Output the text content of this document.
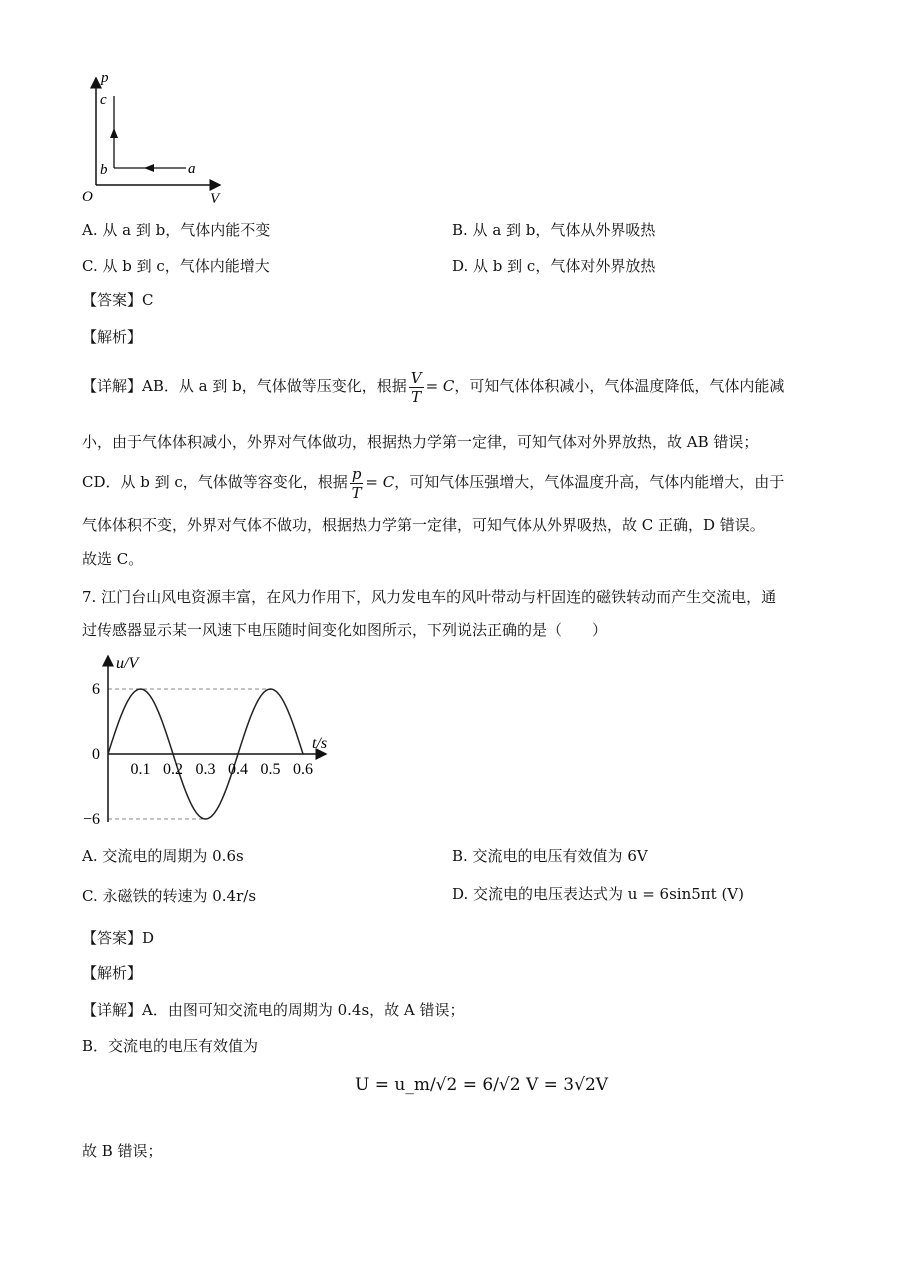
p
V
O
c
b	a
A. 从 a 到 b，气体内能不变	B. 从 a 到 b，气体从外界吸热
C. 从 b 到 c，气体内能增大	D. 从 b 到 c，气体对外界放热
【答案】C
【解析】
【详解】AB．从 a 到 b，气体做等压变化，根据 $\frac{V}{T} = C$，可知气体体积减小，气体温度降低，气体内能减
小，由于气体体积减小，外界对气体做功，根据热力学第一定律，可知气体对外界放热，故 AB 错误；
CD．从 b 到 c，气体做等容变化，根据 $\frac{p}{T} = C$，可知气体压强增大，气体温度升高，气体内能增大，由于
气体体积不变，外界对气体不做功，根据热力学第一定律，可知气体从外界吸热，故 C 正确，D 错误。
故选 C。
7. 江门台山风电资源丰富，在风力作用下，风力发电车的风叶带动与杆固连的磁铁转动而产生交流电，通
过传感器显示某一风速下电压随时间变化如图所示，下列说法正确的是（　　）
u/V
t/s
0.1 0.2 0.3 0.4 0.5 0.6
6
0
−6
A. 交流电的周期为 0.6s	B. 交流电的电压有效值为 6V
C. 永磁铁的转速为 0.4r/s	D. 交流电的电压表达式为 u = 6sin5πt (V)
【答案】D
【解析】
【详解】A．由图可知交流电的周期为 0.4s，故 A 错误；
B．交流电的电压有效值为
U = u_m/√2 = 6/√2 V = 3√2V
故 B 错误；
